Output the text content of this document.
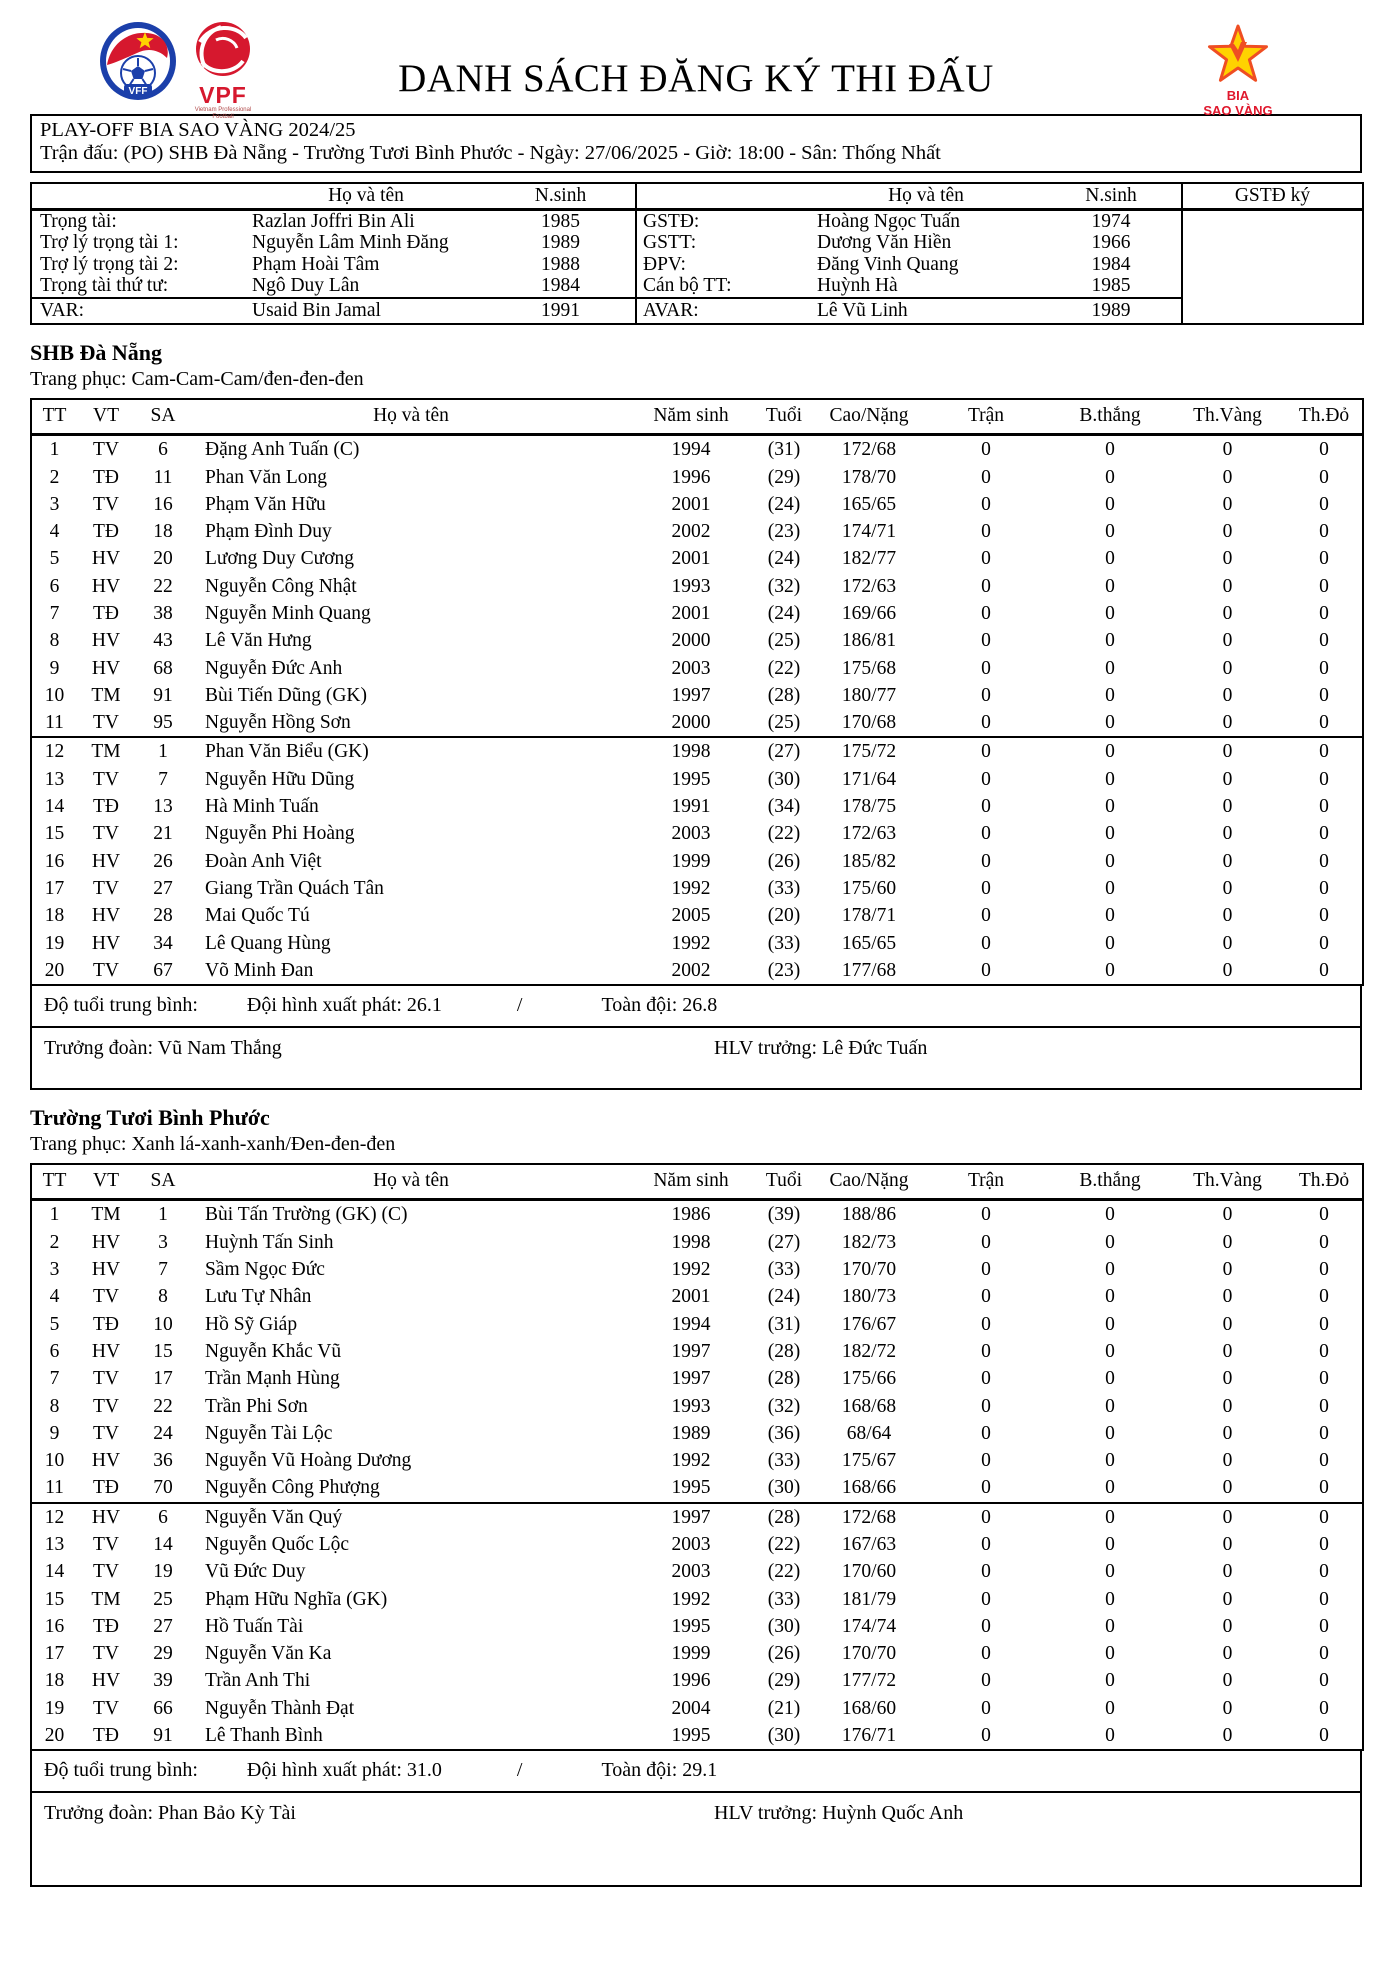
VFF	VPF
Vietnam Professional Football
DANH SÁCH ĐĂNG KÝ THI ĐẤU	BIA
SAO VÀNG
PLAY-OFF BIA SAO VÀNG 2024/25
Trận đấu: (PO) SHB Đà Nẵng - Trường Tươi Bình Phước - Ngày: 27/06/2025 - Giờ: 18:00 - Sân: Thống Nhất
	Họ và tên	N.sinh		Họ và tên	N.sinh	GSTĐ ký
Trọng tài:	Razlan Joffri Bin Ali	1985	GSTĐ:	Hoàng Ngọc Tuấn	1974	
Trợ lý trọng tài 1:	Nguyễn Lâm Minh Đăng	1989	GSTT:	Dương Văn Hiền	1966	
Trợ lý trọng tài 2:	Phạm Hoài Tâm	1988	ĐPV:	Đăng Vinh Quang	1984	
Trọng tài thứ tư:	Ngô Duy Lân	1984	Cán bộ TT:	Huỳnh Hà	1985	
VAR:	Usaid Bin Jamal	1991	AVAR:	Lê Vũ Linh	1989	
SHB Đà Nẵng
Trang phục: Cam-Cam-Cam/đen-đen-đen
TT	VT	SA	Họ và tên	Năm sinh	Tuổi	Cao/Nặng	Trận	B.thắng	Th.Vàng	Th.Đỏ
1	TV	6	Đặng Anh Tuấn (C)	1994	(31)	172/68	0	0	0	0
2	TĐ	11	Phan Văn Long	1996	(29)	178/70	0	0	0	0
3	TV	16	Phạm Văn Hữu	2001	(24)	165/65	0	0	0	0
4	TĐ	18	Phạm Đình Duy	2002	(23)	174/71	0	0	0	0
5	HV	20	Lương Duy Cương	2001	(24)	182/77	0	0	0	0
6	HV	22	Nguyễn Công Nhật	1993	(32)	172/63	0	0	0	0
7	TĐ	38	Nguyễn Minh Quang	2001	(24)	169/66	0	0	0	0
8	HV	43	Lê Văn Hưng	2000	(25)	186/81	0	0	0	0
9	HV	68	Nguyễn Đức Anh	2003	(22)	175/68	0	0	0	0
10	TM	91	Bùi Tiến Dũng (GK)	1997	(28)	180/77	0	0	0	0
11	TV	95	Nguyễn Hồng Sơn	2000	(25)	170/68	0	0	0	0
12	TM	1	Phan Văn Biểu (GK)	1998	(27)	175/72	0	0	0	0
13	TV	7	Nguyễn Hữu Dũng	1995	(30)	171/64	0	0	0	0
14	TĐ	13	Hà Minh Tuấn	1991	(34)	178/75	0	0	0	0
15	TV	21	Nguyễn Phi Hoàng	2003	(22)	172/63	0	0	0	0
16	HV	26	Đoàn Anh Việt	1999	(26)	185/82	0	0	0	0
17	TV	27	Giang Trần Quách Tân	1992	(33)	175/60	0	0	0	0
18	HV	28	Mai Quốc Tú	2005	(20)	178/71	0	0	0	0
19	HV	34	Lê Quang Hùng	1992	(33)	165/65	0	0	0	0
20	TV	67	Võ Minh Đan	2002	(23)	177/68	0	0	0	0
Độ tuổi trung bình: Đội hình xuất phát: 26.1	/	Toàn đội: 26.8
Trưởng đoàn: Vũ Nam Thắng	HLV trưởng: Lê Đức Tuấn
Trường Tươi Bình Phước
Trang phục: Xanh lá-xanh-xanh/Đen-đen-đen
TT	VT	SA	Họ và tên	Năm sinh	Tuổi	Cao/Nặng	Trận	B.thắng	Th.Vàng	Th.Đỏ
1	TM	1	Bùi Tấn Trường (GK) (C)	1986	(39)	188/86	0	0	0	0
2	HV	3	Huỳnh Tấn Sinh	1998	(27)	182/73	0	0	0	0
3	HV	7	Sầm Ngọc Đức	1992	(33)	170/70	0	0	0	0
4	TV	8	Lưu Tự Nhân	2001	(24)	180/73	0	0	0	0
5	TĐ	10	Hồ Sỹ Giáp	1994	(31)	176/67	0	0	0	0
6	HV	15	Nguyễn Khắc Vũ	1997	(28)	182/72	0	0	0	0
7	TV	17	Trần Mạnh Hùng	1997	(28)	175/66	0	0	0	0
8	TV	22	Trần Phi Sơn	1993	(32)	168/68	0	0	0	0
9	TV	24	Nguyễn Tài Lộc	1989	(36)	68/64	0	0	0	0
10	HV	36	Nguyễn Vũ Hoàng Dương	1992	(33)	175/67	0	0	0	0
11	TĐ	70	Nguyễn Công Phượng	1995	(30)	168/66	0	0	0	0
12	HV	6	Nguyễn Văn Quý	1997	(28)	172/68	0	0	0	0
13	TV	14	Nguyễn Quốc Lộc	2003	(22)	167/63	0	0	0	0
14	TV	19	Vũ Đức Duy	2003	(22)	170/60	0	0	0	0
15	TM	25	Phạm Hữu Nghĩa (GK)	1992	(33)	181/79	0	0	0	0
16	TĐ	27	Hồ Tuấn Tài	1995	(30)	174/74	0	0	0	0
17	TV	29	Nguyễn Văn Ka	1999	(26)	170/70	0	0	0	0
18	HV	39	Trần Anh Thi	1996	(29)	177/72	0	0	0	0
19	TV	66	Nguyễn Thành Đạt	2004	(21)	168/60	0	0	0	0
20	TĐ	91	Lê Thanh Bình	1995	(30)	176/71	0	0	0	0
Độ tuổi trung bình: Đội hình xuất phát: 31.0	/	Toàn đội: 29.1
Trưởng đoàn: Phan Bảo Kỳ Tài	HLV trưởng: Huỳnh Quốc Anh
